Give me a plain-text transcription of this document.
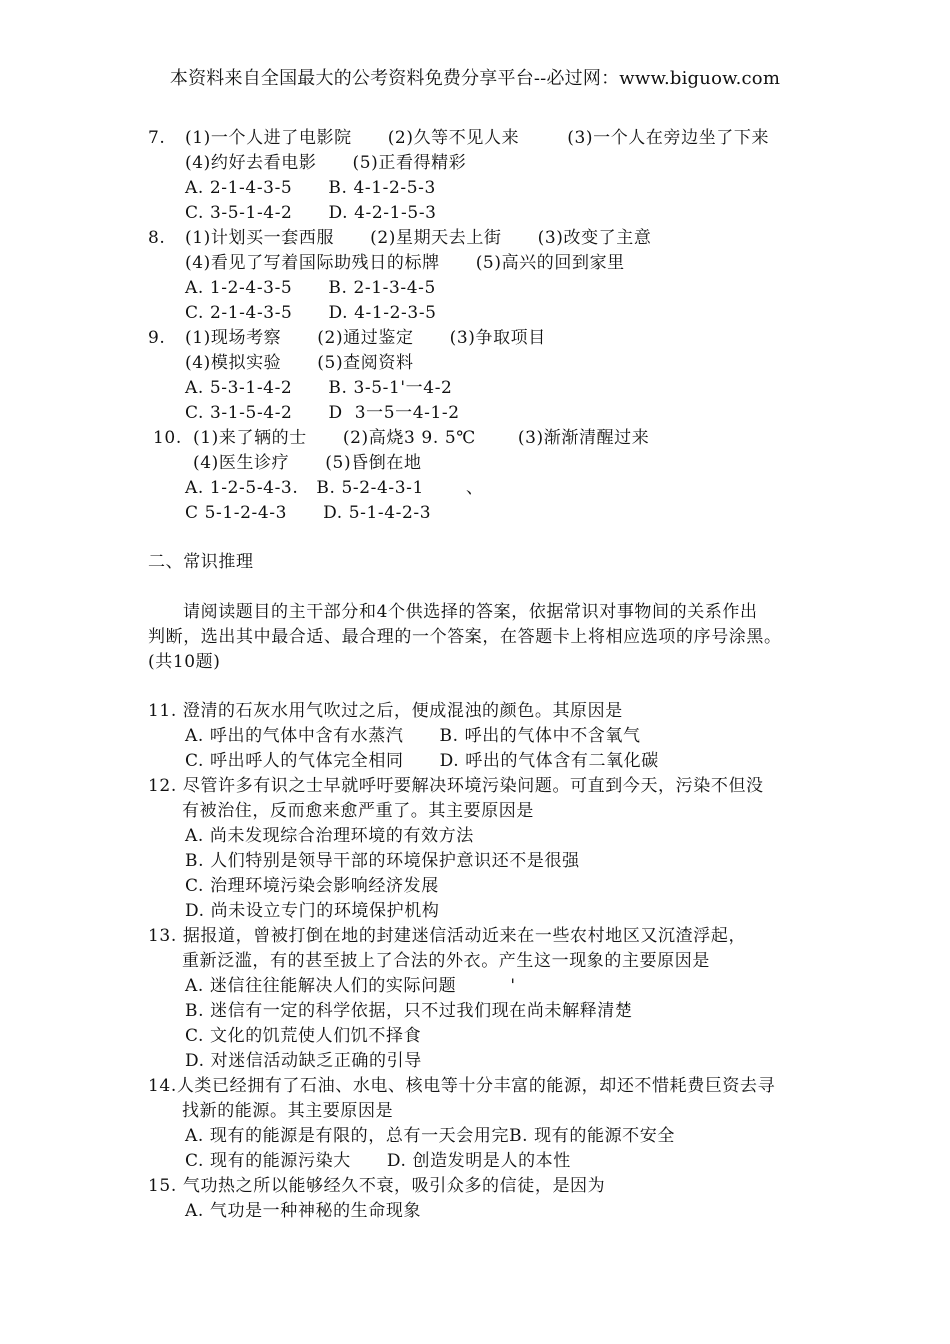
本资料来自全国最大的公考资料免费分享平台--必过网：www.biguow.com
7. (1)一个人进了电影院      (2)久等不见人来        (3)一个人在旁边坐了下来
(4)约好去看电影      (5)正看得精彩
A. 2-1-4-3-5      B. 4-1-2-5-3
C. 3-5-1-4-2      D. 4-2-1-5-3
8. (1)计划买一套西服      (2)星期天去上街      (3)改变了主意
(4)看见了写着国际助残日的标牌      (5)高兴的回到家里
A. 1-2-4-3-5      B. 2-1-3-4-5
C. 2-1-4-3-5      D. 4-1-2-3-5
9. (1)现场考察      (2)通过鉴定      (3)争取项目
(4)模拟实验      (5)查阅资料
A. 5-3-1-4-2      B. 3-5-1'一4-2
C. 3-1-5-4-2      D  3一5一4-1-2
10. (1)来了辆的士      (2)高烧3 9. 5℃       (3)渐渐清醒过来
(4)医生诊疗      (5)昏倒在地
A. 1-2-5-4-3.   B. 5-2-4-3-1       、
C 5-1-2-4-3      D. 5-1-4-2-3
二、常识推理
请阅读题目的主干部分和4个供选择的答案，依据常识对事物间的关系作出
判断，选出其中最合适、最合理的一个答案，在答题卡上将相应选项的序号涂黑。
(共10题)
11. 澄清的石灰水用气吹过之后，便成混浊的颜色。其原因是
A. 呼出的气体中含有水蒸汽      B. 呼出的气体中不含氧气
C. 呼出呼人的气体完全相同      D. 呼出的气体含有二氧化碳
12. 尽管许多有识之士早就呼吁要解决环境污染问题。可直到今天，污染不但没
有被治住，反而愈来愈严重了。其主要原因是
A. 尚未发现综合治理环境的有效方法
B. 人们特别是领导干部的环境保护意识还不是很强
C. 治理环境污染会影响经济发展
D. 尚未设立专门的环境保护机构
13. 据报道，曾被打倒在地的封建迷信活动近来在一些农村地区又沉渣浮起，
重新泛滥，有的甚至披上了合法的外衣。产生这一现象的主要原因是
A. 迷信往往能解决人们的实际问题         '
B. 迷信有一定的科学依据，只不过我们现在尚未解释清楚
C. 文化的饥荒使人们饥不择食
D. 对迷信活动缺乏正确的引导
14.人类已经拥有了石油、水电、核电等十分丰富的能源，却还不惜耗费巨资去寻
找新的能源。其主要原因是
A. 现有的能源是有限的，总有一天会用完B. 现有的能源不安全
C. 现有的能源污染大      D. 创造发明是人的本性
15. 气功热之所以能够经久不衰，吸引众多的信徒，是因为
A. 气功是一种神秘的生命现象
